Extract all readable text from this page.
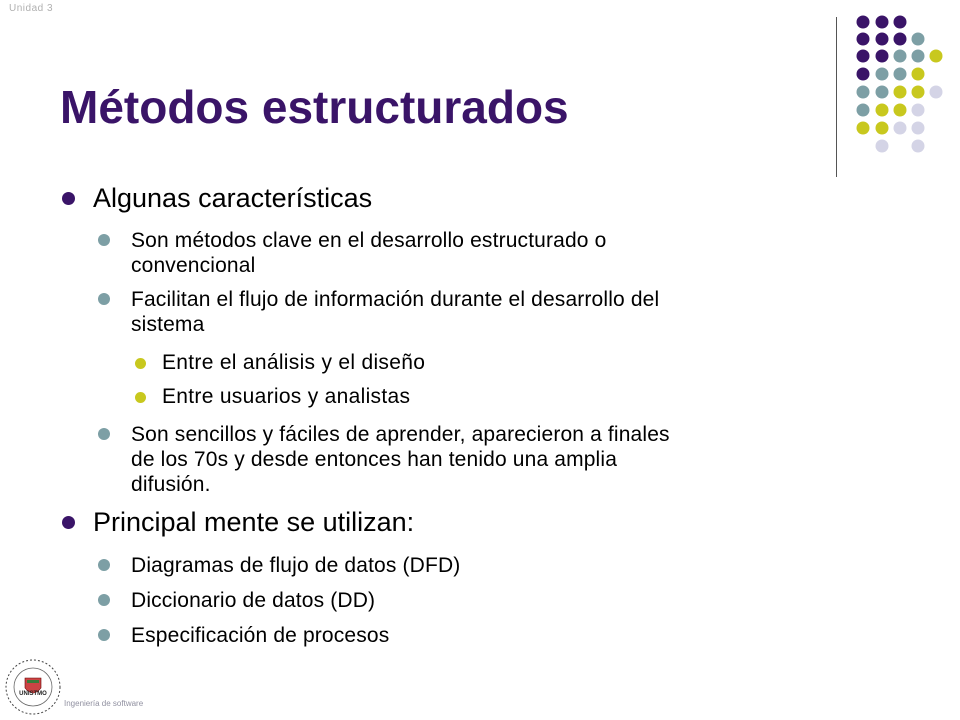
Unidad 3
Métodos estructurados
Algunas características
Son métodos clave en el desarrollo estructurado o
convencional
Facilitan el flujo de información durante el desarrollo del
sistema
Entre el análisis y el diseño
Entre usuarios y analistas
Son sencillos y fáciles de aprender, aparecieron a finales
de los 70s y desde entonces han tenido una amplia
difusión.
Principal mente se utilizan:
Diagramas de flujo de datos (DFD)
Diccionario de datos (DD)
Especificación de procesos
UNISTMO
Ingeniería de software
